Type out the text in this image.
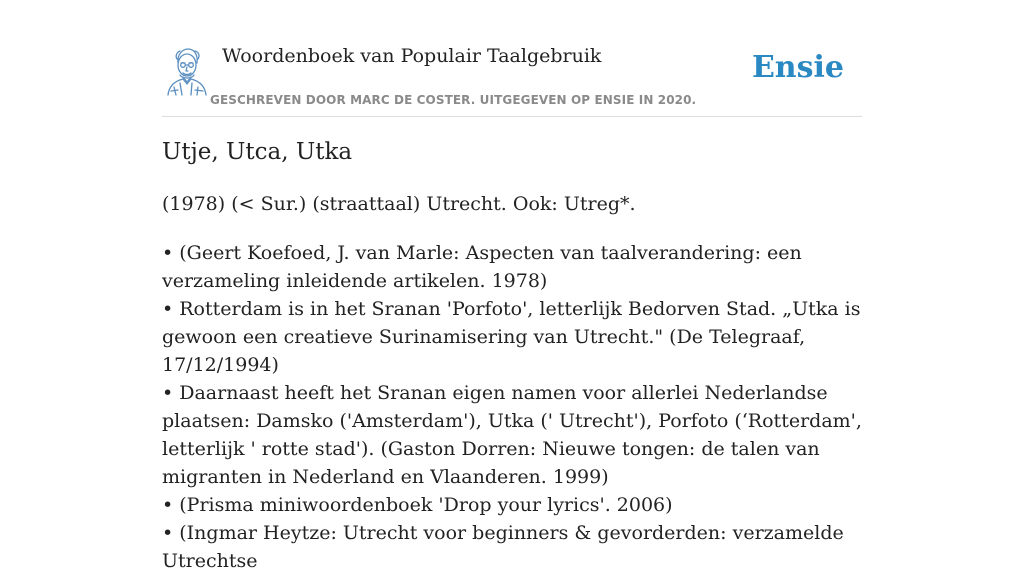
Woordenboek van Populair Taalgebruik
GESCHREVEN DOOR MARC DE COSTER. UITGEGEVEN OP ENSIE IN 2020.
Ensie
Utje, Utca, Utka

(1978) (< Sur.) (straattaal) Utrecht. Ook: Utreg*.

• (Geert Koefoed, J. van Marle: Aspecten van taalverandering: een verzameling inleidende artikelen. 1978)
• Rotterdam is in het Sranan 'Porfoto', letterlijk Bedorven Stad. „Utka is gewoon een creatieve Surinamisering van Utrecht." (De Telegraaf, 17/12/1994)
• Daarnaast heeft het Sranan eigen namen voor allerlei Nederlandse plaatsen: Damsko ('Amsterdam'), Utka (' Utrecht'), Porfoto (‘Rotterdam', letterlijk ' rotte stad'). (Gaston Dorren: Nieuwe tongen: de talen van migranten in Nederland en Vlaanderen. 1999)
• (Prisma miniwoordenboek 'Drop your lyrics'. 2006)
• (Ingmar Heytze: Utrecht voor beginners & gevorderden: verzamelde Utrechtse
